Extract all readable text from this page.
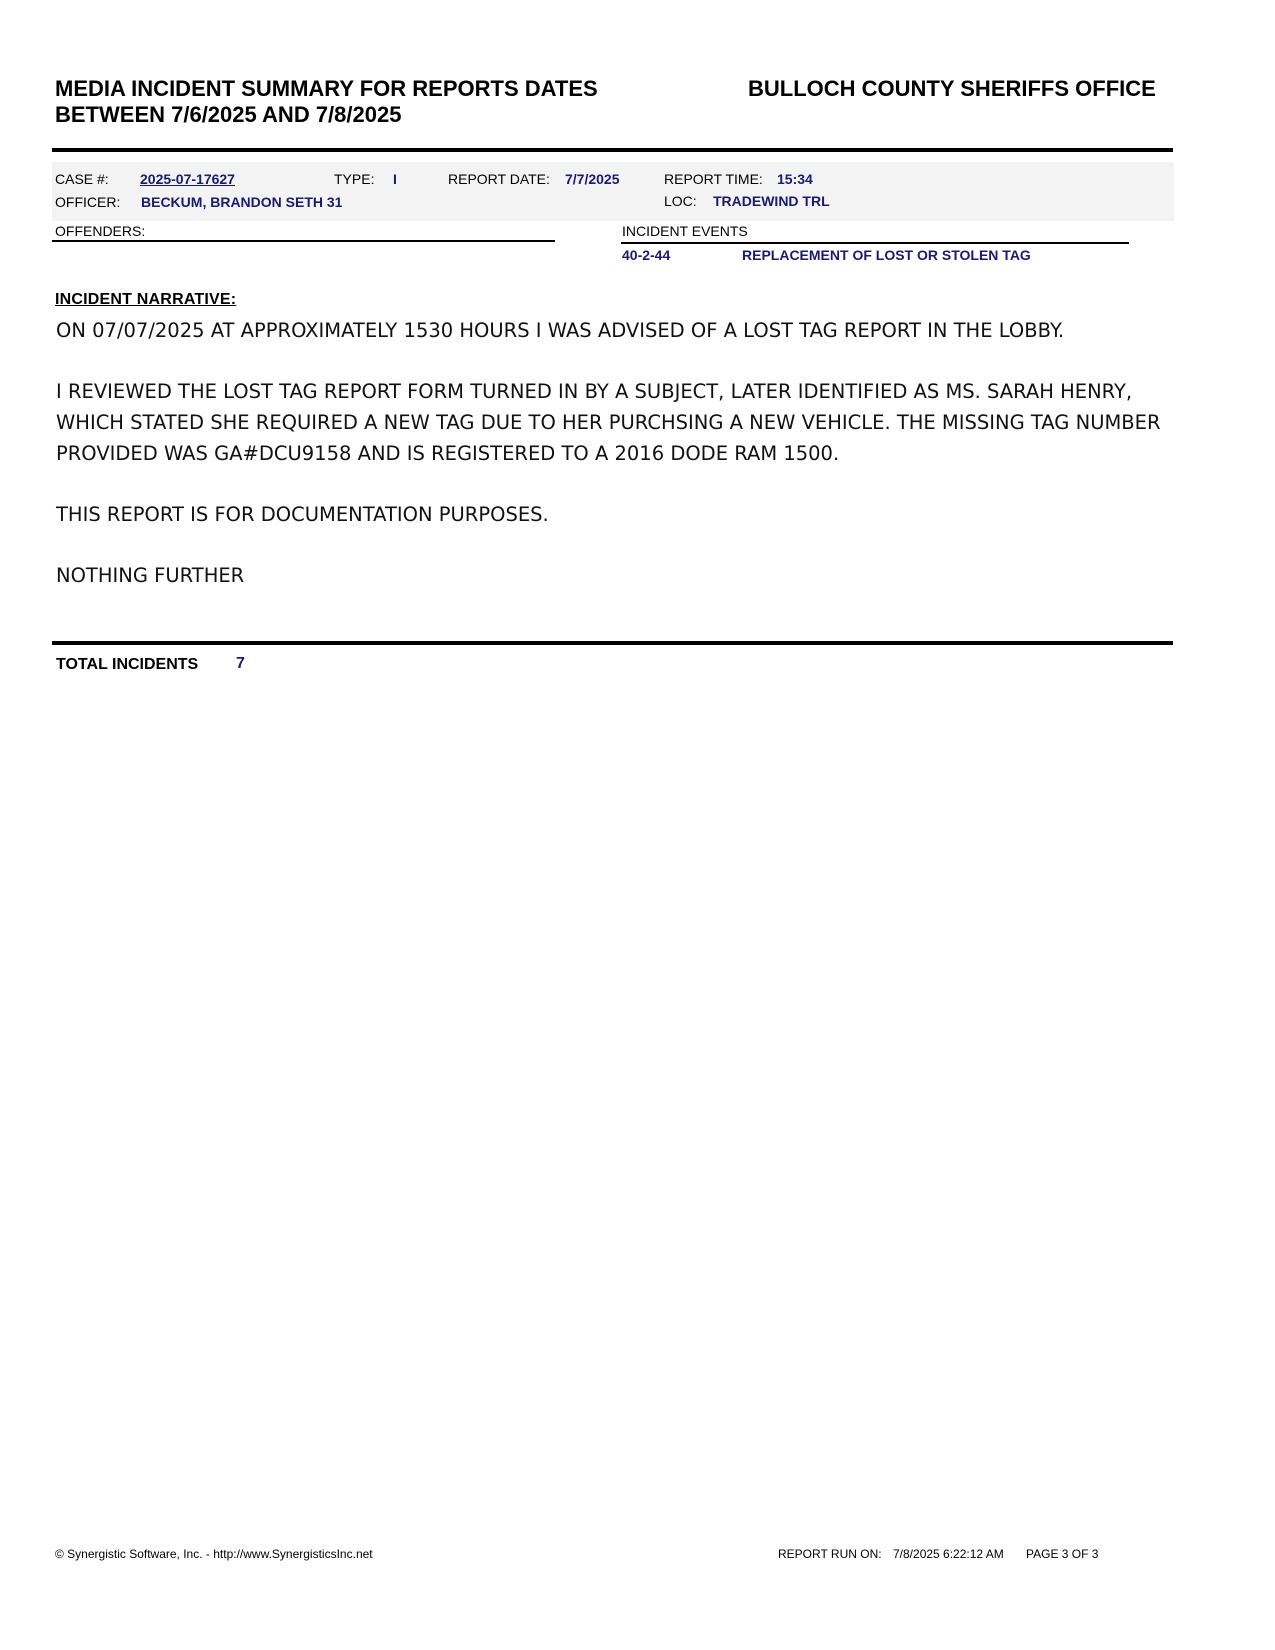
MEDIA INCIDENT SUMMARY FOR REPORTS DATES
BETWEEN 7/6/2025 AND 7/8/2025
BULLOCH COUNTY SHERIFFS OFFICE
CASE #: 2025-07-17627	TYPE: I	REPORT DATE: 7/7/2025	REPORT TIME: 15:34
OFFICER: BECKUM, BRANDON SETH 31	LOC: TRADEWIND TRL
OFFENDERS:	INCIDENT EVENTS
40-2-44	REPLACEMENT OF LOST OR STOLEN TAG
INCIDENT NARRATIVE:

ON 07/07/2025 AT APPROXIMATELY 1530 HOURS I WAS ADVISED OF A LOST TAG REPORT IN THE LOBBY.

I REVIEWED THE LOST TAG REPORT FORM TURNED IN BY A SUBJECT, LATER IDENTIFIED AS MS. SARAH HENRY, WHICH STATED SHE REQUIRED A NEW TAG DUE TO HER PURCHSING A NEW VEHICLE. THE MISSING TAG NUMBER PROVIDED WAS GA#DCU9158 AND IS REGISTERED TO A 2016 DODE RAM 1500.

THIS REPORT IS FOR DOCUMENTATION PURPOSES.

NOTHING FURTHER

TOTAL INCIDENTS 7
© Synergistic Software, Inc. - http://www.SynergisticsInc.net	REPORT RUN ON: 7/8/2025 6:22:12 AM PAGE 3 OF 3
